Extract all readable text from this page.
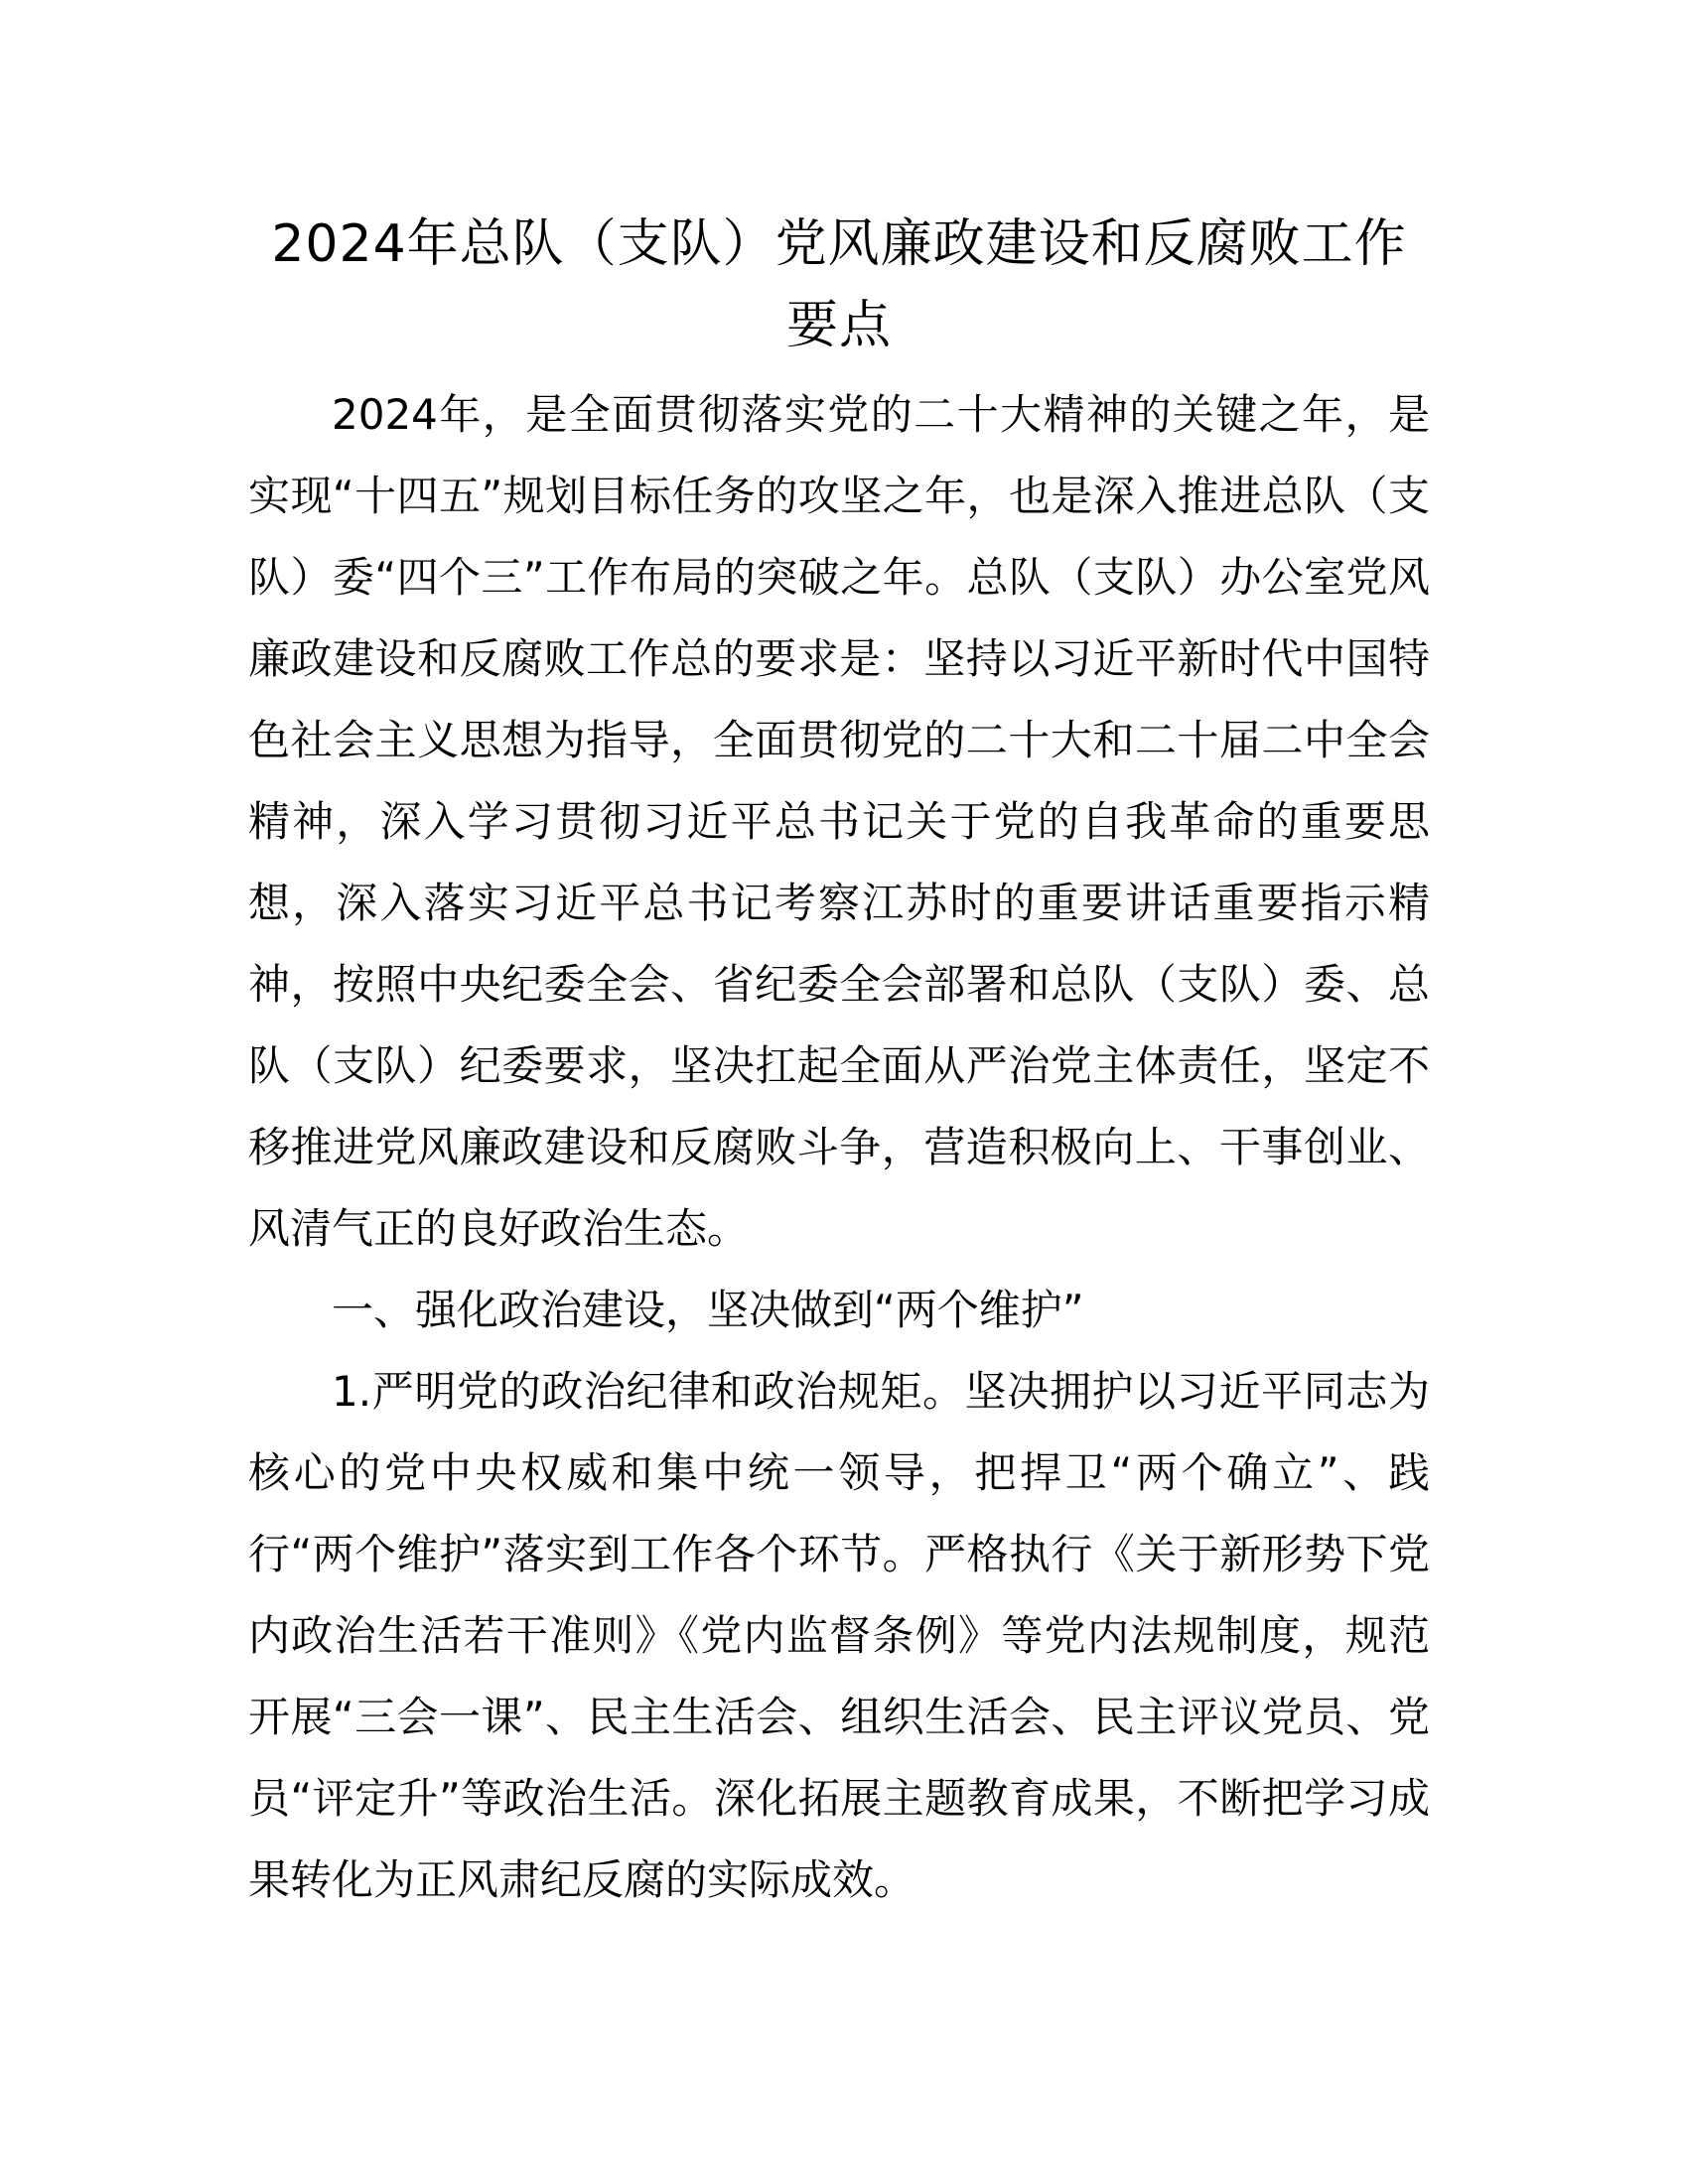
2024年总队（支队）党风廉政建设和反腐败工作要点

2024年，是全面贯彻落实党的二十大精神的关键之年，是实现“十四五”规划目标任务的攻坚之年，也是深入推进总队（支队）委“四个三”工作布局的突破之年。总队（支队）办公室党风廉政建设和反腐败工作总的要求是：坚持以习近平新时代中国特色社会主义思想为指导，全面贯彻党的二十大和二十届二中全会精神，深入学习贯彻习近平总书记关于党的自我革命的重要思想，深入落实习近平总书记考察江苏时的重要讲话重要指示精神，按照中央纪委全会、省纪委全会部署和总队（支队）委、总队（支队）纪委要求，坚决扛起全面从严治党主体责任，坚定不移推进党风廉政建设和反腐败斗争，营造积极向上、干事创业、风清气正的良好政治生态。

一、强化政治建设，坚决做到“两个维护”

1.严明党的政治纪律和政治规矩。坚决拥护以习近平同志为核心的党中央权威和集中统一领导，把捍卫“两个确立”、践行“两个维护”落实到工作各个环节。严格执行《关于新形势下党内政治生活若干准则》《党内监督条例》等党内法规制度，规范开展“三会一课”、民主生活会、组织生活会、民主评议党员、党员“评定升”等政治生活。深化拓展主题教育成果，不断把学习成果转化为正风肃纪反腐的实际成效。
